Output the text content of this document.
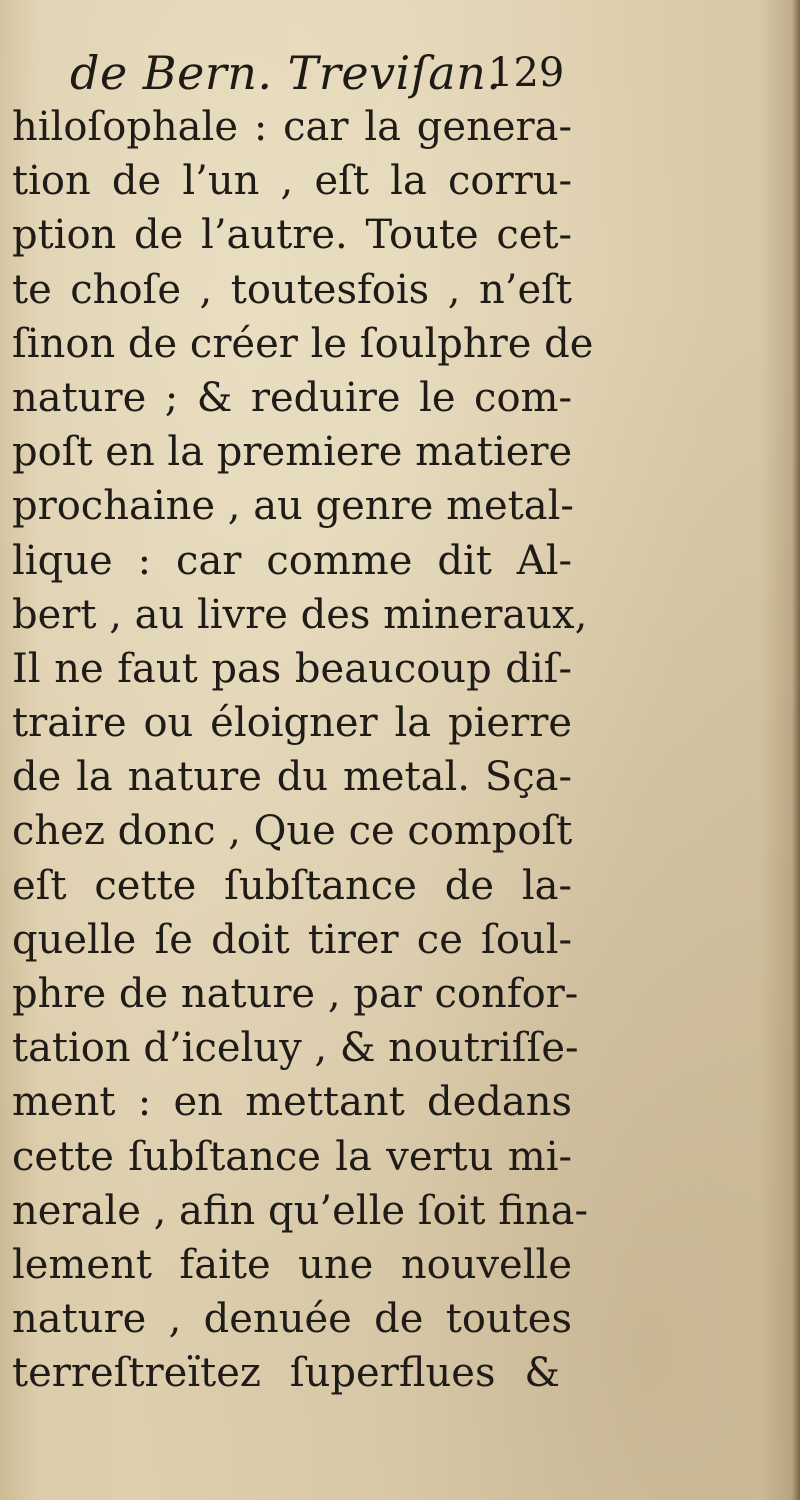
de Bern. Treviſan.
129
hiloſophale : car la genera-
tion de l’un , eſt la corru-
ption de l’autre. Toute cet-
te choſe , toutesfois , n’eſt
ſinon de créer le ſoulphre de
nature ; & reduire le com-
poſt en la premiere matiere
prochaine , au genre metal-
lique : car comme dit Al-
bert , au livre des mineraux,
Il ne faut pas beaucoup diſ-
traire ou éloigner la pierre
de la nature du metal. Sça-
chez donc , Que ce compoſt
eſt cette ſubſtance de la-
quelle ſe doit tirer ce ſoul-
phre de nature , par confor-
tation d’iceluy , & noutriſſe-
ment : en mettant dedans
cette ſubſtance la vertu mi-
nerale , afin qu’elle ſoit fina-
lement faite une nouvelle
nature , denuée de toutes
terreſtreïtez ſuperflues &
